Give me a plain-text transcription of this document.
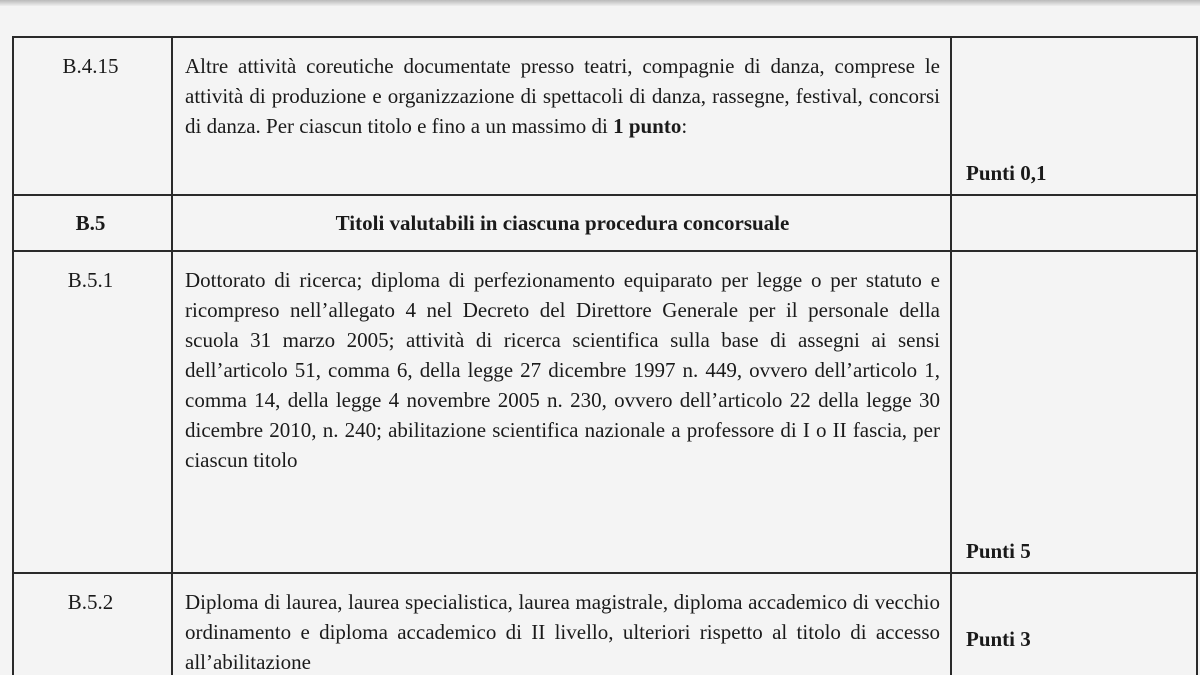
B.4.15	Altre attività coreutiche documentate presso teatri, compagnie di danza, comprese le attività di produzione e organizzazione di spettacoli di danza, rassegne, festival, concorsi di danza. Per ciascun titolo e fino a un massimo di 1 punto:	Punti 0,1
B.5	Titoli valutabili in ciascuna procedura concorsuale	
B.5.1	Dottorato di ricerca; diploma di perfezionamento equiparato per legge o per statuto e ricompreso nell’allegato 4 nel Decreto del Direttore Generale per il personale della scuola 31 marzo 2005; attività di ricerca scientifica sulla base di assegni ai sensi dell’articolo 51, comma 6, della legge 27 dicembre 1997 n. 449, ovvero dell’articolo 1, comma 14, della legge 4 novembre 2005 n. 230, ovvero dell’articolo 22 della legge 30 dicembre 2010, n. 240; abilitazione scientifica nazionale a professore di I o II fascia, per ciascun titolo	Punti 5
B.5.2	Diploma di laurea, laurea specialistica, laurea magistrale, diploma accademico di vecchio ordinamento e diploma accademico di II livello, ulteriori rispetto al titolo di accesso all’abilitazione	Punti 3
